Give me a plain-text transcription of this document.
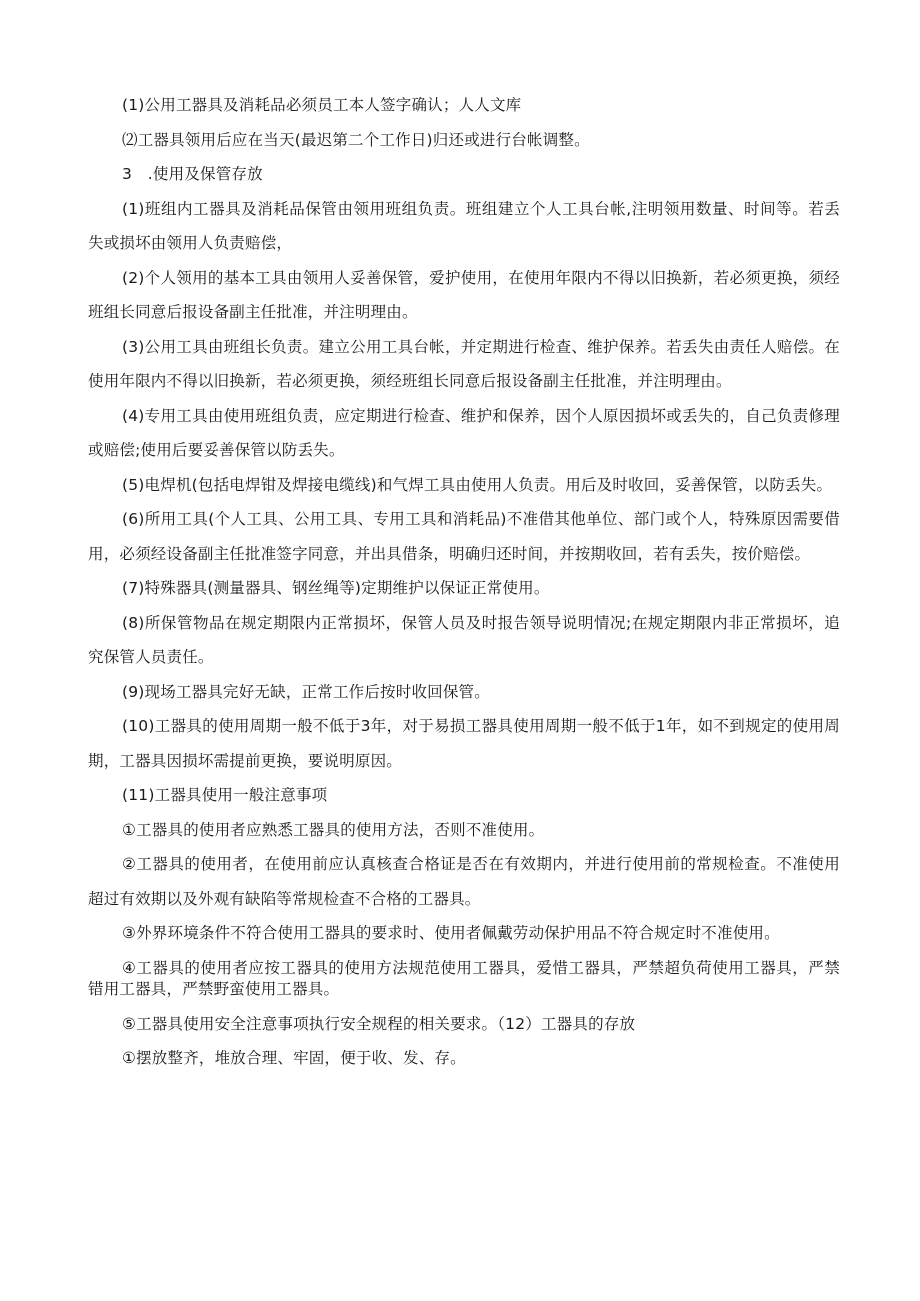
(1)公用工器具及消耗品必须员工本人签字确认；人人文库

⑵工器具领用后应在当天(最迟第二个工作日)归还或进行台帐调整。

3　.使用及保管存放

(1)班组内工器具及消耗品保管由领用班组负责。班组建立个人工具台帐,注明领用数量、时间等。若丢失或损坏由领用人负责赔偿，

(2)个人领用的基本工具由领用人妥善保管，爱护使用，在使用年限内不得以旧换新，若必须更换，须经班组长同意后报设备副主任批准，并注明理由。

(3)公用工具由班组长负责。建立公用工具台帐，并定期进行检查、维护保养。若丢失由责任人赔偿。在使用年限内不得以旧换新，若必须更换，须经班组长同意后报设备副主任批准，并注明理由。

(4)专用工具由使用班组负责，应定期进行检查、维护和保养，因个人原因损坏或丢失的，自己负责修理或赔偿;使用后要妥善保管以防丢失。

(5)电焊机(包括电焊钳及焊接电缆线)和气焊工具由使用人负责。用后及时收回，妥善保管，以防丢失。

(6)所用工具(个人工具、公用工具、专用工具和消耗品)不准借其他单位、部门或个人，特殊原因需要借用，必须经设备副主任批准签字同意，并出具借条，明确归还时间，并按期收回，若有丢失，按价赔偿。

(7)特殊器具(测量器具、钢丝绳等)定期维护以保证正常使用。

(8)所保管物品在规定期限内正常损坏，保管人员及时报告领导说明情况;在规定期限内非正常损坏，追究保管人员责任。

(9)现场工器具完好无缺，正常工作后按时收回保管。

(10)工器具的使用周期一般不低于3年，对于易损工器具使用周期一般不低于1年，如不到规定的使用周期，工器具因损坏需提前更换，要说明原因。

(11)工器具使用一般注意事项

①工器具的使用者应熟悉工器具的使用方法，否则不准使用。

②工器具的使用者，在使用前应认真核查合格证是否在有效期内，并进行使用前的常规检查。不准使用超过有效期以及外观有缺陷等常规检查不合格的工器具。

③外界环境条件不符合使用工器具的要求时、使用者佩戴劳动保护用品不符合规定时不准使用。

④工器具的使用者应按工器具的使用方法规范使用工器具，爱惜工器具，严禁超负荷使用工器具，严禁错用工器具，严禁野蛮使用工器具。

⑤工器具使用安全注意事项执行安全规程的相关要求。（12）工器具的存放

①摆放整齐，堆放合理、牢固，便于收、发、存。
